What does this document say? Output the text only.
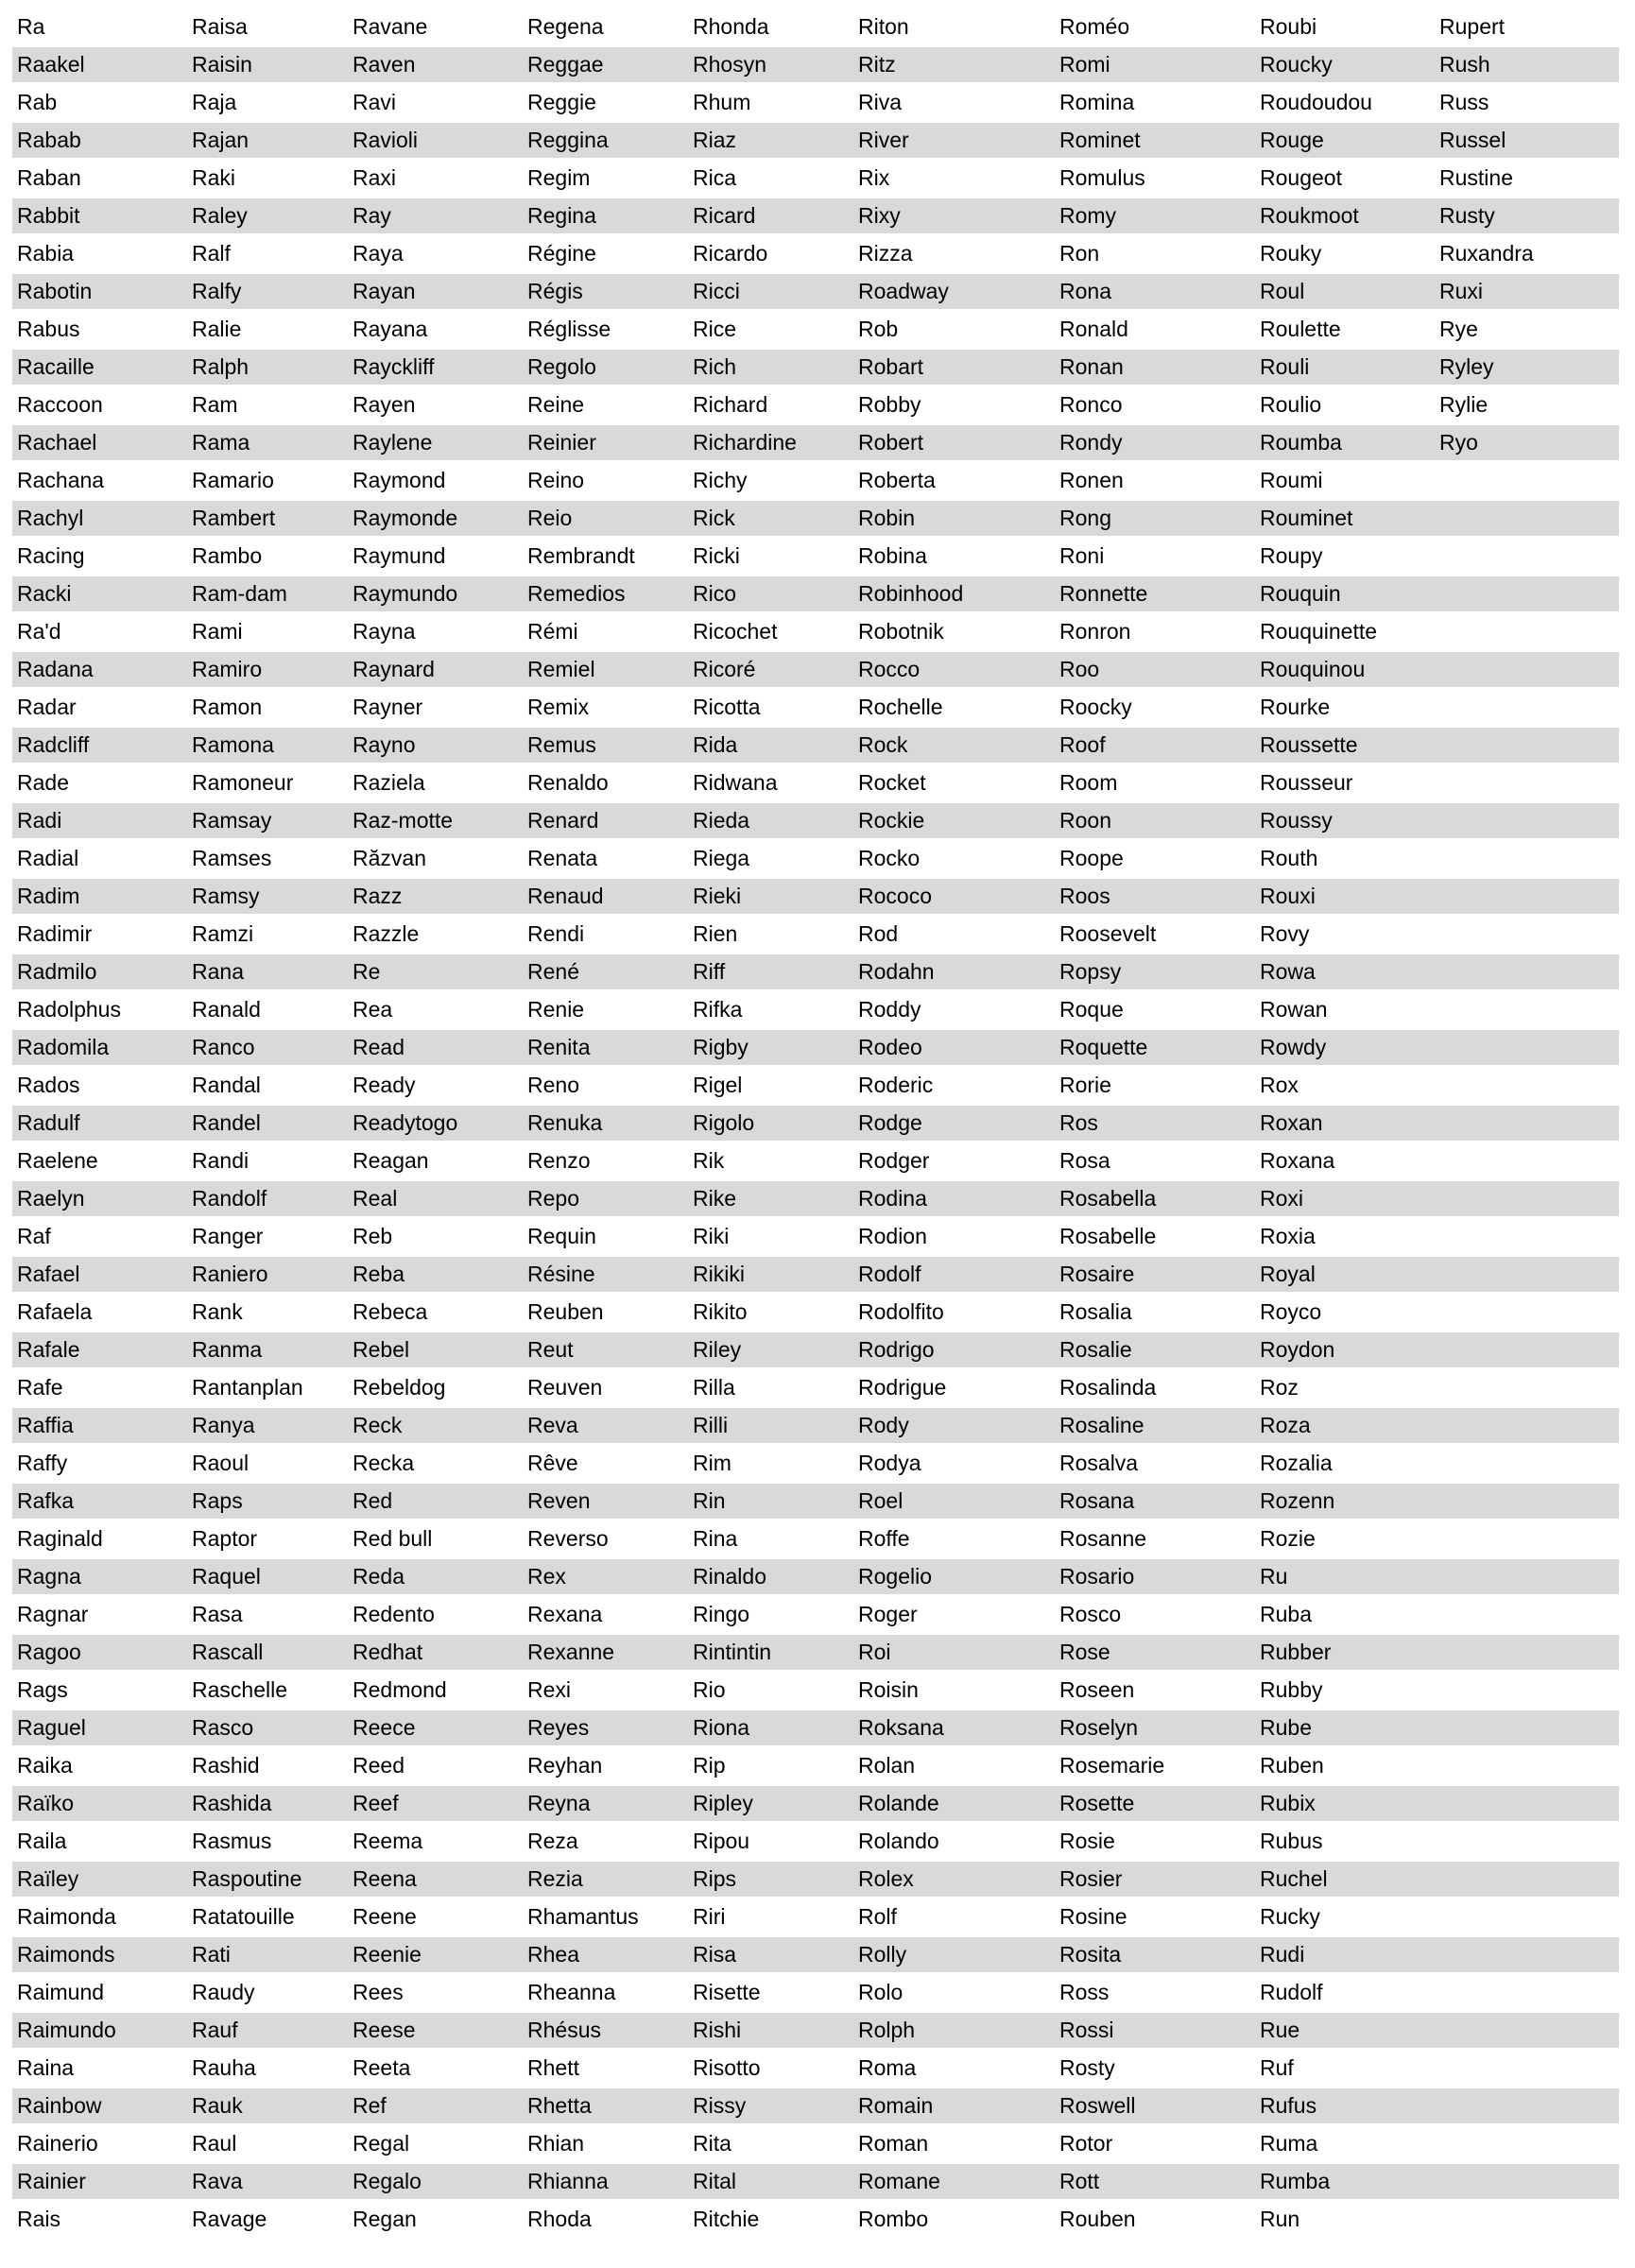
Ra	Raisa	Ravane	Regena	Rhonda	Riton	Roméo	Roubi	Rupert
Raakel	Raisin	Raven	Reggae	Rhosyn	Ritz	Romi	Roucky	Rush
Rab	Raja	Ravi	Reggie	Rhum	Riva	Romina	Roudoudou	Russ
Rabab	Rajan	Ravioli	Reggina	Riaz	River	Rominet	Rouge	Russel
Raban	Raki	Raxi	Regim	Rica	Rix	Romulus	Rougeot	Rustine
Rabbit	Raley	Ray	Regina	Ricard	Rixy	Romy	Roukmoot	Rusty
Rabia	Ralf	Raya	Régine	Ricardo	Rizza	Ron	Rouky	Ruxandra
Rabotin	Ralfy	Rayan	Régis	Ricci	Roadway	Rona	Roul	Ruxi
Rabus	Ralie	Rayana	Réglisse	Rice	Rob	Ronald	Roulette	Rye
Racaille	Ralph	Rayckliff	Regolo	Rich	Robart	Ronan	Rouli	Ryley
Raccoon	Ram	Rayen	Reine	Richard	Robby	Ronco	Roulio	Rylie
Rachael	Rama	Raylene	Reinier	Richardine	Robert	Rondy	Roumba	Ryo
Rachana	Ramario	Raymond	Reino	Richy	Roberta	Ronen	Roumi	
Rachyl	Rambert	Raymonde	Reio	Rick	Robin	Rong	Rouminet	
Racing	Rambo	Raymund	Rembrandt	Ricki	Robina	Roni	Roupy	
Racki	Ram-dam	Raymundo	Remedios	Rico	Robinhood	Ronnette	Rouquin	
Ra'd	Rami	Rayna	Rémi	Ricochet	Robotnik	Ronron	Rouquinette	
Radana	Ramiro	Raynard	Remiel	Ricoré	Rocco	Roo	Rouquinou	
Radar	Ramon	Rayner	Remix	Ricotta	Rochelle	Roocky	Rourke	
Radcliff	Ramona	Rayno	Remus	Rida	Rock	Roof	Roussette	
Rade	Ramoneur	Raziela	Renaldo	Ridwana	Rocket	Room	Rousseur	
Radi	Ramsay	Raz-motte	Renard	Rieda	Rockie	Roon	Roussy	
Radial	Ramses	Răzvan	Renata	Riega	Rocko	Roope	Routh	
Radim	Ramsy	Razz	Renaud	Rieki	Rococo	Roos	Rouxi	
Radimir	Ramzi	Razzle	Rendi	Rien	Rod	Roosevelt	Rovy	
Radmilo	Rana	Re	René	Riff	Rodahn	Ropsy	Rowa	
Radolphus	Ranald	Rea	Renie	Rifka	Roddy	Roque	Rowan	
Radomila	Ranco	Read	Renita	Rigby	Rodeo	Roquette	Rowdy	
Rados	Randal	Ready	Reno	Rigel	Roderic	Rorie	Rox	
Radulf	Randel	Readytogo	Renuka	Rigolo	Rodge	Ros	Roxan	
Raelene	Randi	Reagan	Renzo	Rik	Rodger	Rosa	Roxana	
Raelyn	Randolf	Real	Repo	Rike	Rodina	Rosabella	Roxi	
Raf	Ranger	Reb	Requin	Riki	Rodion	Rosabelle	Roxia	
Rafael	Raniero	Reba	Résine	Rikiki	Rodolf	Rosaire	Royal	
Rafaela	Rank	Rebeca	Reuben	Rikito	Rodolfito	Rosalia	Royco	
Rafale	Ranma	Rebel	Reut	Riley	Rodrigo	Rosalie	Roydon	
Rafe	Rantanplan	Rebeldog	Reuven	Rilla	Rodrigue	Rosalinda	Roz	
Raffia	Ranya	Reck	Reva	Rilli	Rody	Rosaline	Roza	
Raffy	Raoul	Recka	Rêve	Rim	Rodya	Rosalva	Rozalia	
Rafka	Raps	Red	Reven	Rin	Roel	Rosana	Rozenn	
Raginald	Raptor	Red bull	Reverso	Rina	Roffe	Rosanne	Rozie	
Ragna	Raquel	Reda	Rex	Rinaldo	Rogelio	Rosario	Ru	
Ragnar	Rasa	Redento	Rexana	Ringo	Roger	Rosco	Ruba	
Ragoo	Rascall	Redhat	Rexanne	Rintintin	Roi	Rose	Rubber	
Rags	Raschelle	Redmond	Rexi	Rio	Roisin	Roseen	Rubby	
Raguel	Rasco	Reece	Reyes	Riona	Roksana	Roselyn	Rube	
Raika	Rashid	Reed	Reyhan	Rip	Rolan	Rosemarie	Ruben	
Raïko	Rashida	Reef	Reyna	Ripley	Rolande	Rosette	Rubix	
Raila	Rasmus	Reema	Reza	Ripou	Rolando	Rosie	Rubus	
Raïley	Raspoutine	Reena	Rezia	Rips	Rolex	Rosier	Ruchel	
Raimonda	Ratatouille	Reene	Rhamantus	Riri	Rolf	Rosine	Rucky	
Raimonds	Rati	Reenie	Rhea	Risa	Rolly	Rosita	Rudi	
Raimund	Raudy	Rees	Rheanna	Risette	Rolo	Ross	Rudolf	
Raimundo	Rauf	Reese	Rhésus	Rishi	Rolph	Rossi	Rue	
Raina	Rauha	Reeta	Rhett	Risotto	Roma	Rosty	Ruf	
Rainbow	Rauk	Ref	Rhetta	Rissy	Romain	Roswell	Rufus	
Rainerio	Raul	Regal	Rhian	Rita	Roman	Rotor	Ruma	
Rainier	Rava	Regalo	Rhianna	Rital	Romane	Rott	Rumba	
Rais	Ravage	Regan	Rhoda	Ritchie	Rombo	Rouben	Run	
